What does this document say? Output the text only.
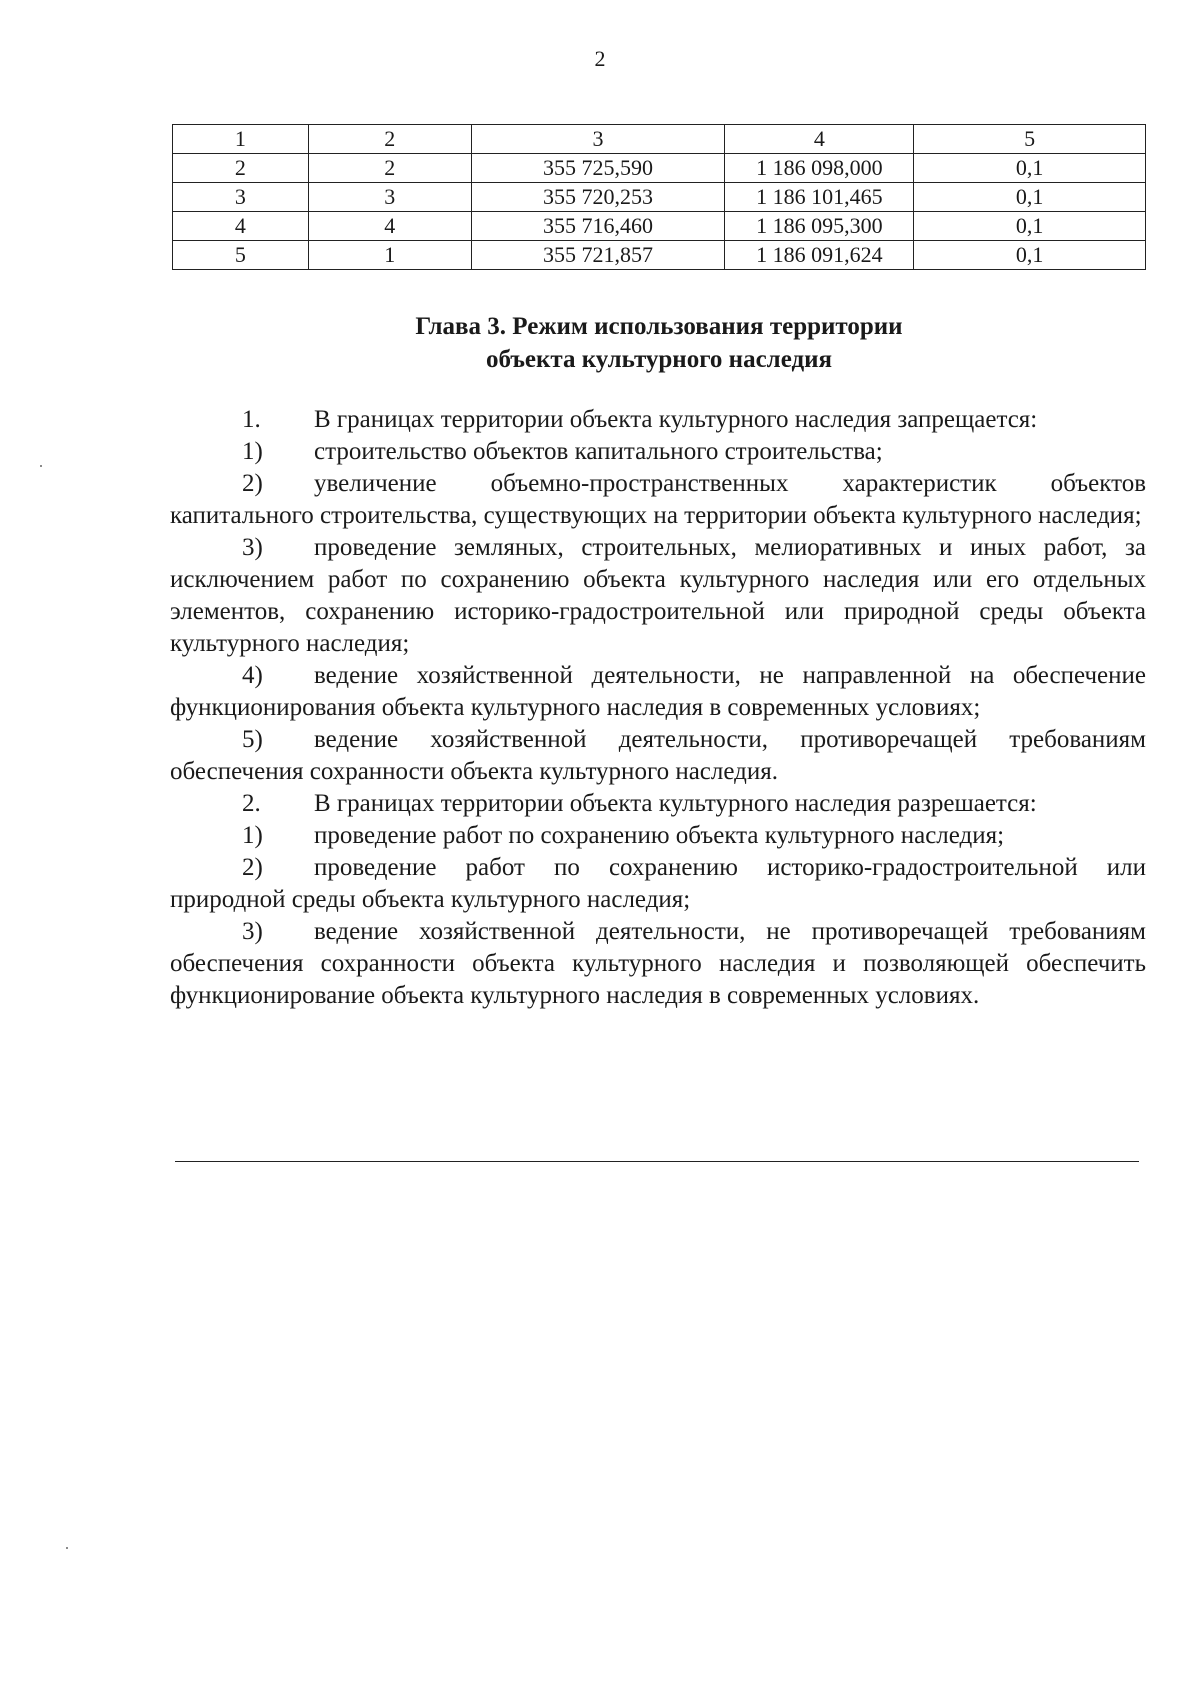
2
1	2	3	4	5
2	2	355 725,590	1 186 098,000	0,1
3	3	355 720,253	1 186 101,465	0,1
4	4	355 716,460	1 186 095,300	0,1
5	1	355 721,857	1 186 091,624	0,1
Глава 3. Режим использования территории
объекта культурного наследия

1. В границах территории объекта культурного наследия запрещается:

1) строительство объектов капитального строительства;

2) увеличение объемно-пространственных характеристик объектов капитального строительства, существующих на территории объекта культурного наследия;

3) проведение земляных, строительных, мелиоративных и иных работ, за исключением работ по сохранению объекта культурного наследия или его отдельных элементов, сохранению историко-градостроительной или природной среды объекта культурного наследия;

4) ведение хозяйственной деятельности, не направленной на обеспечение функционирования объекта культурного наследия в современных условиях;

5) ведение хозяйственной деятельности, противоречащей требованиям обеспечения сохранности объекта культурного наследия.

2. В границах территории объекта культурного наследия разрешается:

1) проведение работ по сохранению объекта культурного наследия;

2) проведение работ по сохранению историко-градостроительной или природной среды объекта культурного наследия;

3) ведение хозяйственной деятельности, не противоречащей требованиям обеспечения сохранности объекта культурного наследия и позволяющей обеспечить функционирование объекта культурного наследия в современных условиях.
